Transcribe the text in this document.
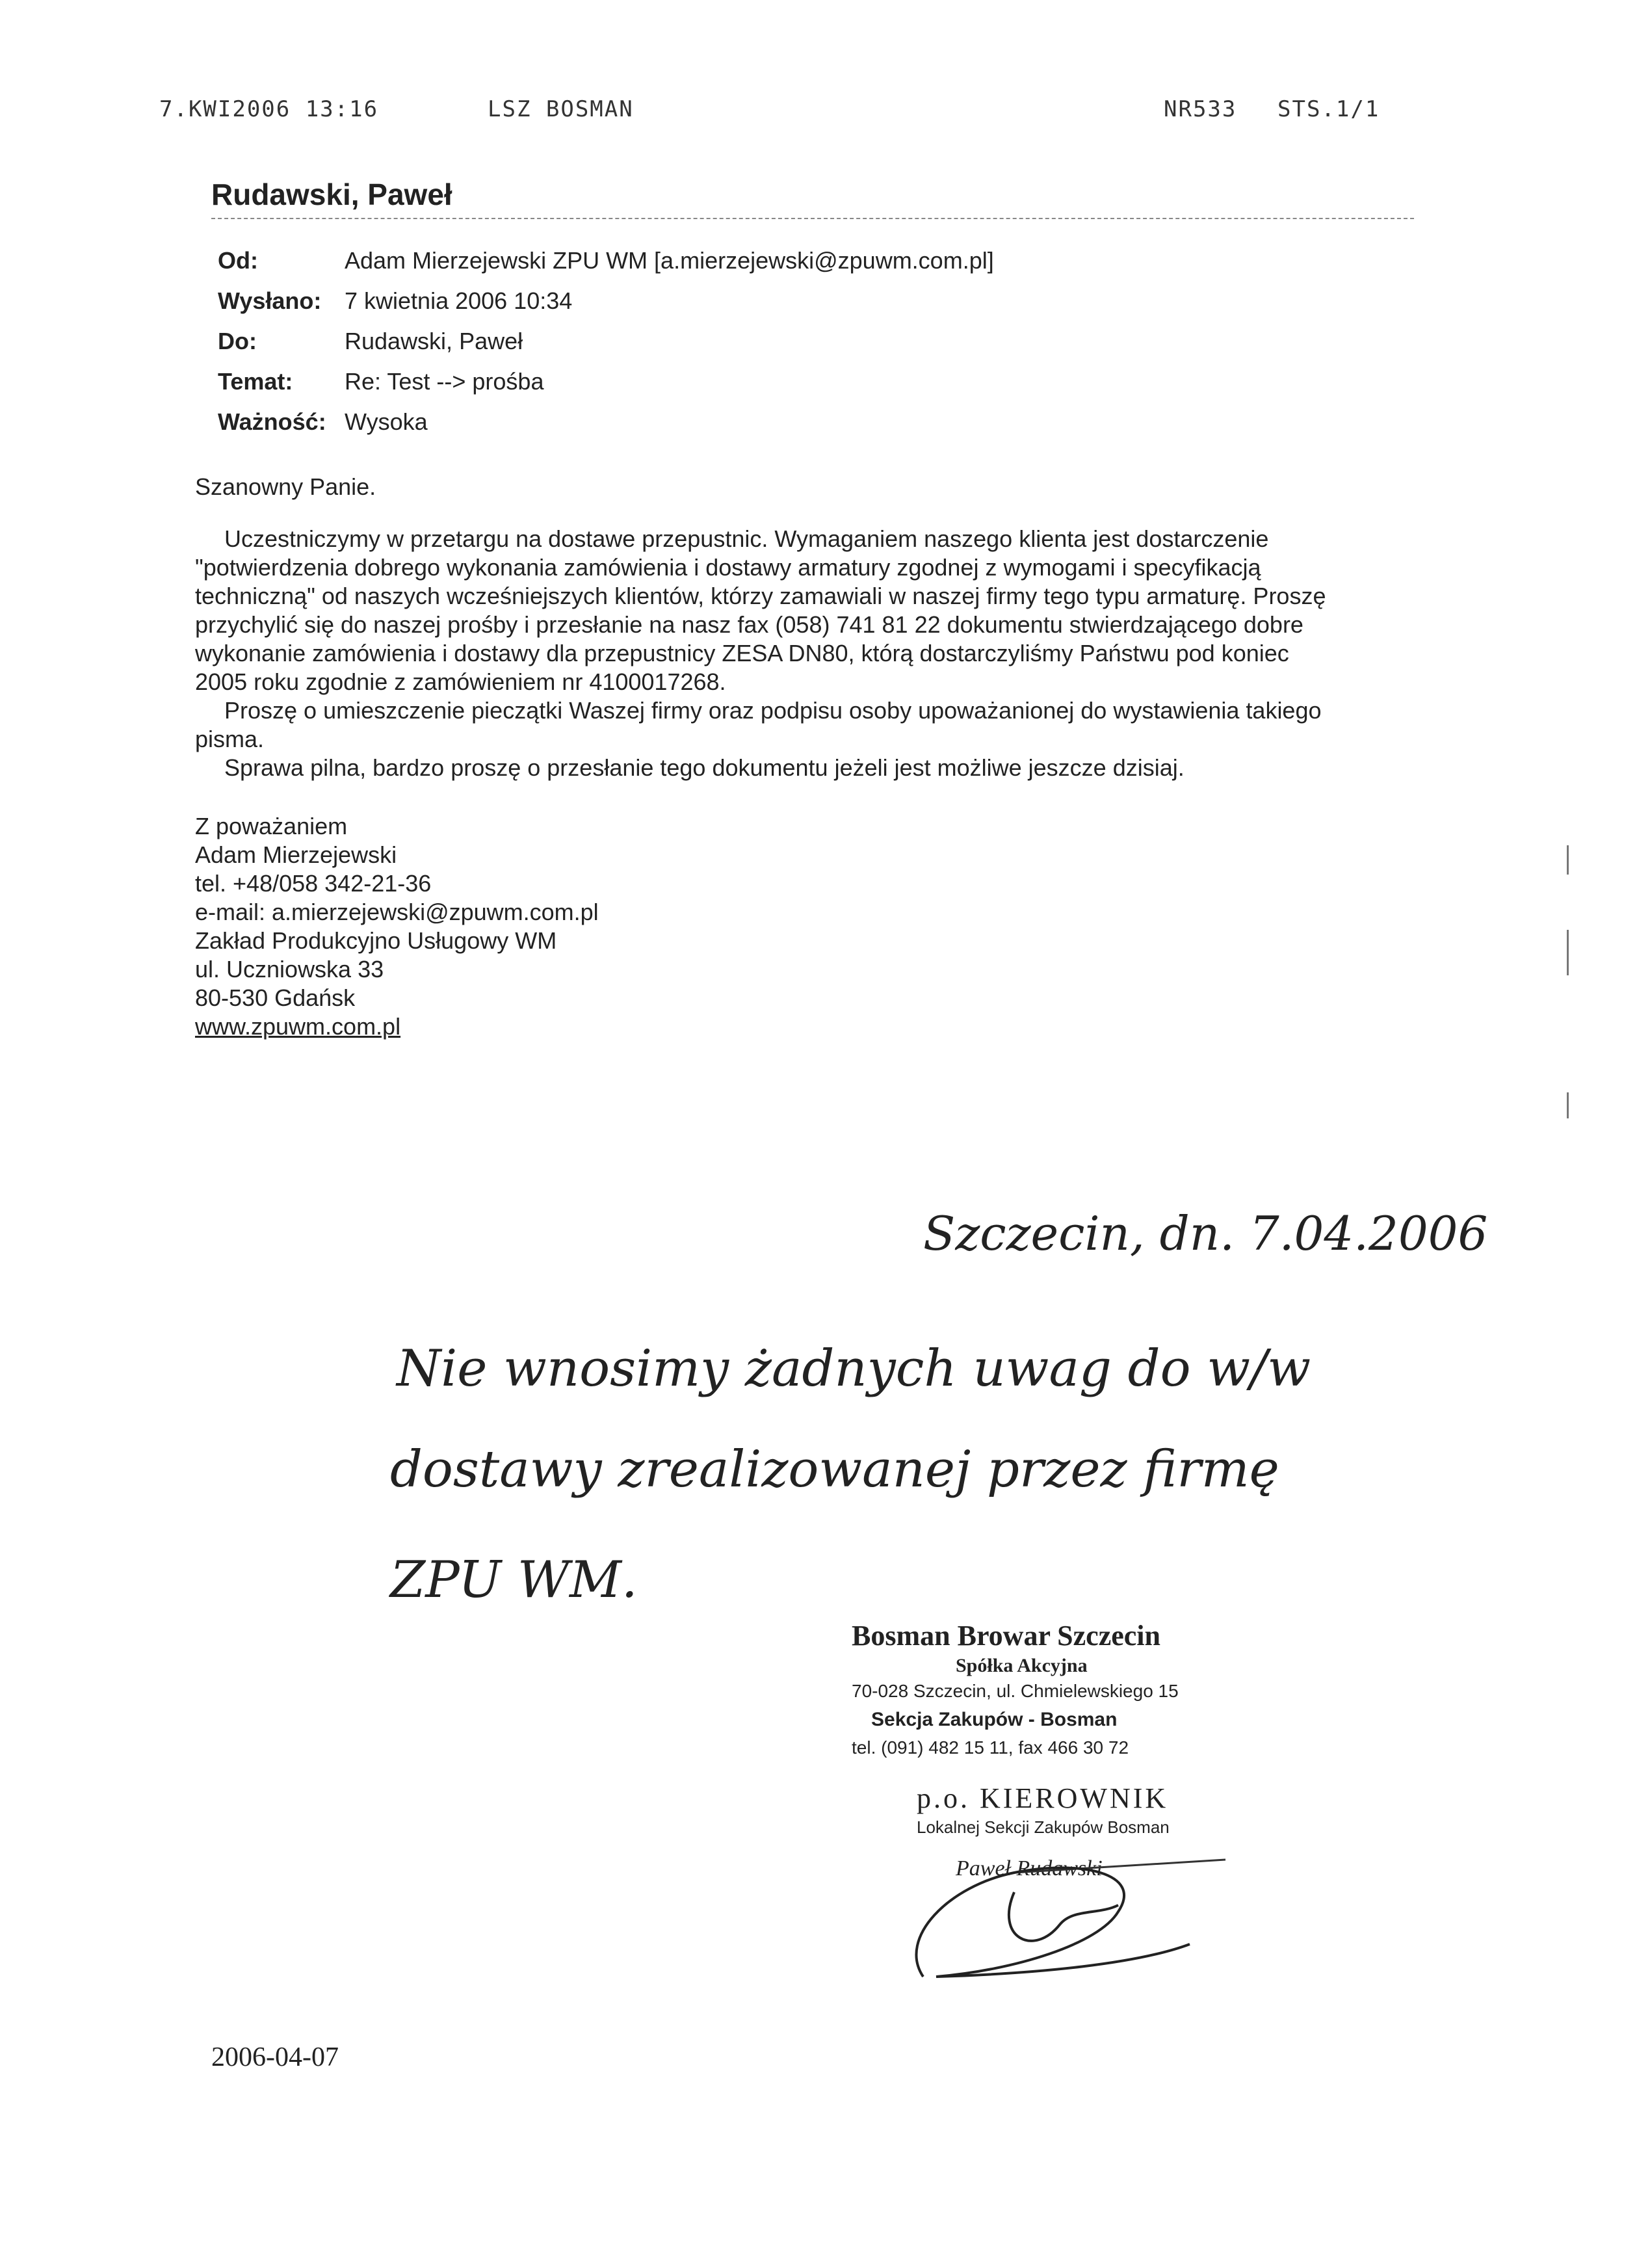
7.KWI2006 13:16	LSZ BOSMAN	NR533 STS.1/1
Rudawski, Paweł
Od:	Adam Mierzejewski ZPU WM [a.mierzejewski@zpuwm.com.pl]
Wysłano: 7 kwietnia 2006 10:34
Do:	Rudawski, Paweł
Temat: Re: Test --> prośba
Ważność: Wysoka
Szanowny Panie.
Uczestniczymy w przetargu na dostawe przepustnic. Wymaganiem naszego klienta jest dostarczenie
"potwierdzenia dobrego wykonania zamówienia i dostawy armatury zgodnej z wymogami i specyfikacją
techniczną" od naszych wcześniejszych klientów, którzy zamawiali w naszej firmy tego typu armaturę. Proszę
przychylić się do naszej prośby i przesłanie na nasz fax (058) 741 81 22 dokumentu stwierdzającego dobre
wykonanie zamówienia i dostawy dla przepustnicy ZESA DN80, którą dostarczyliśmy Państwu pod koniec
2005 roku zgodnie z zamówieniem nr 4100017268.
Proszę o umieszczenie pieczątki Waszej firmy oraz podpisu osoby upoważanionej do wystawienia takiego
pisma.
Sprawa pilna, bardzo proszę o przesłanie tego dokumentu jeżeli jest możliwe jeszcze dzisiaj.
Z poważaniem
Adam Mierzejewski
tel. +48/058 342-21-36
e-mail: a.mierzejewski@zpuwm.com.pl
Zakład Produkcyjno Usługowy WM
ul. Uczniowska 33
80-530 Gdańsk
www.zpuwm.com.pl
Szczecin, dn. 7.04.2006
Nie wnosimy żadnych uwag do w/w
dostawy zrealizowanej przez firmę
ZPU WM.
Bosman Browar Szczecin
Spółka Akcyjna
70-028 Szczecin, ul. Chmielewskiego 15
Sekcja Zakupów - Bosman
tel. (091) 482 15 11, fax 466 30 72
p.o. KIEROWNIK
Lokalnej Sekcji Zakupów Bosman
Paweł Rudawski
2006-04-07
